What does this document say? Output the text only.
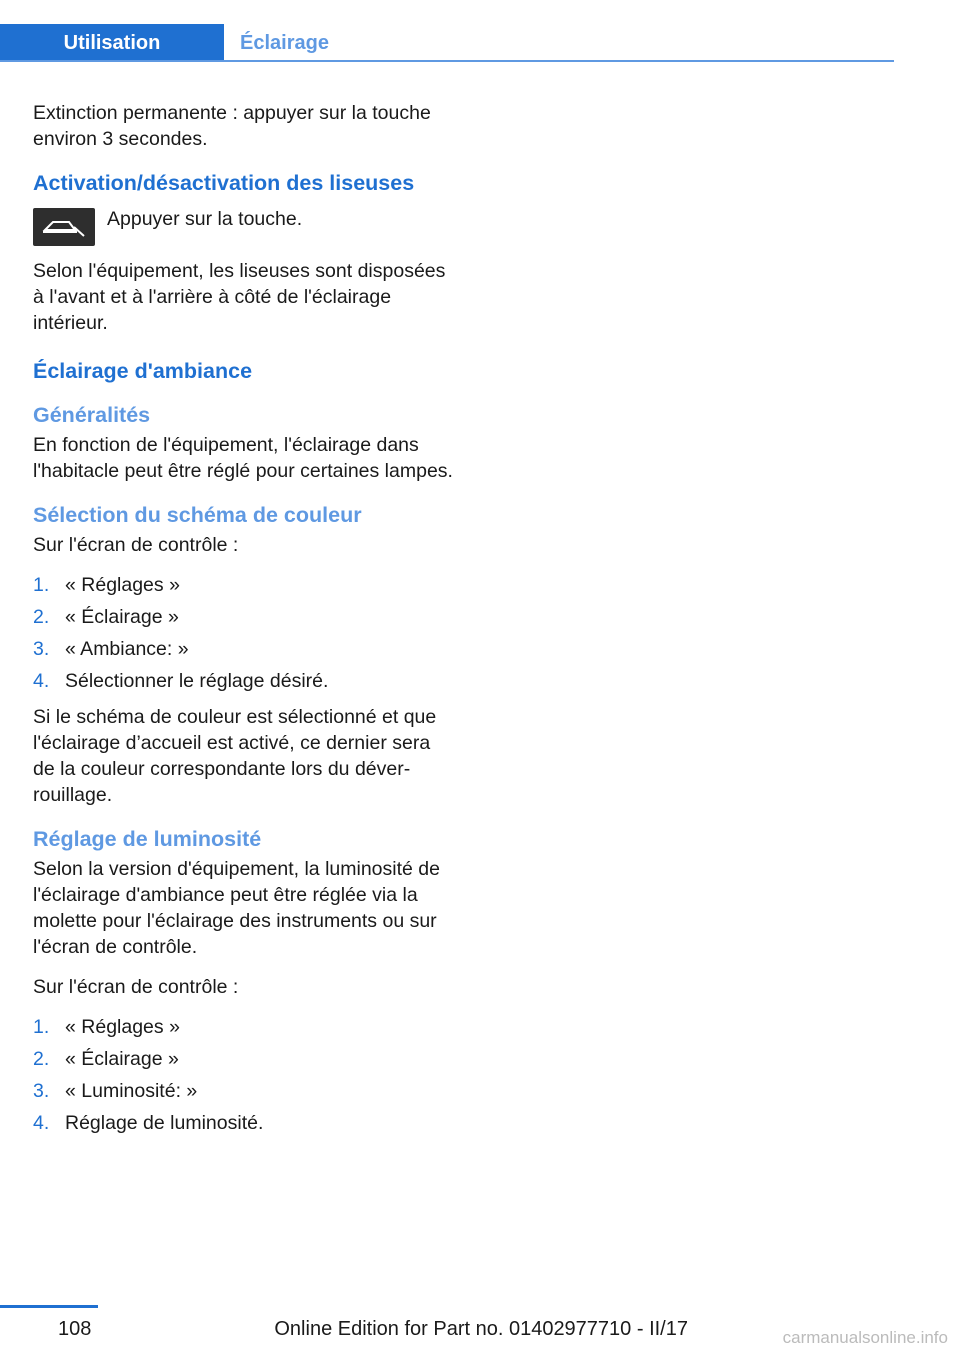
Utilisation	Éclairage

Extinction permanente : appuyer sur la touche environ 3 secondes.

Activation/désactivation des liseuses
Appuyer sur la touche.

Selon l'équipement, les liseuses sont disposées à l'avant et à l'arrière à côté de l'éclairage intérieur.

Éclairage d'ambiance
Généralités

En fonction de l'équipement, l'éclairage dans l'habitacle peut être réglé pour certaines lampes.

Sélection du schéma de couleur

Sur l'écran de contrôle :

1. « Réglages »
2. « Éclairage »
3. « Ambiance: »
4. Sélectionner le réglage désiré.

Si le schéma de couleur est sélectionné et que l'éclairage d’accueil est activé, ce dernier sera de la couleur correspondante lors du déverrouillage.

Réglage de luminosité

Selon la version d'équipement, la luminosité de l'éclairage d'ambiance peut être réglée via la molette pour l'éclairage des instruments ou sur l'écran de contrôle.

Sur l'écran de contrôle :

1. « Réglages »
2. « Éclairage »
3. « Luminosité: »
4. Réglage de luminosité.
108	Online Edition for Part no. 01402977710 - II/17	carmanualsonline.info
